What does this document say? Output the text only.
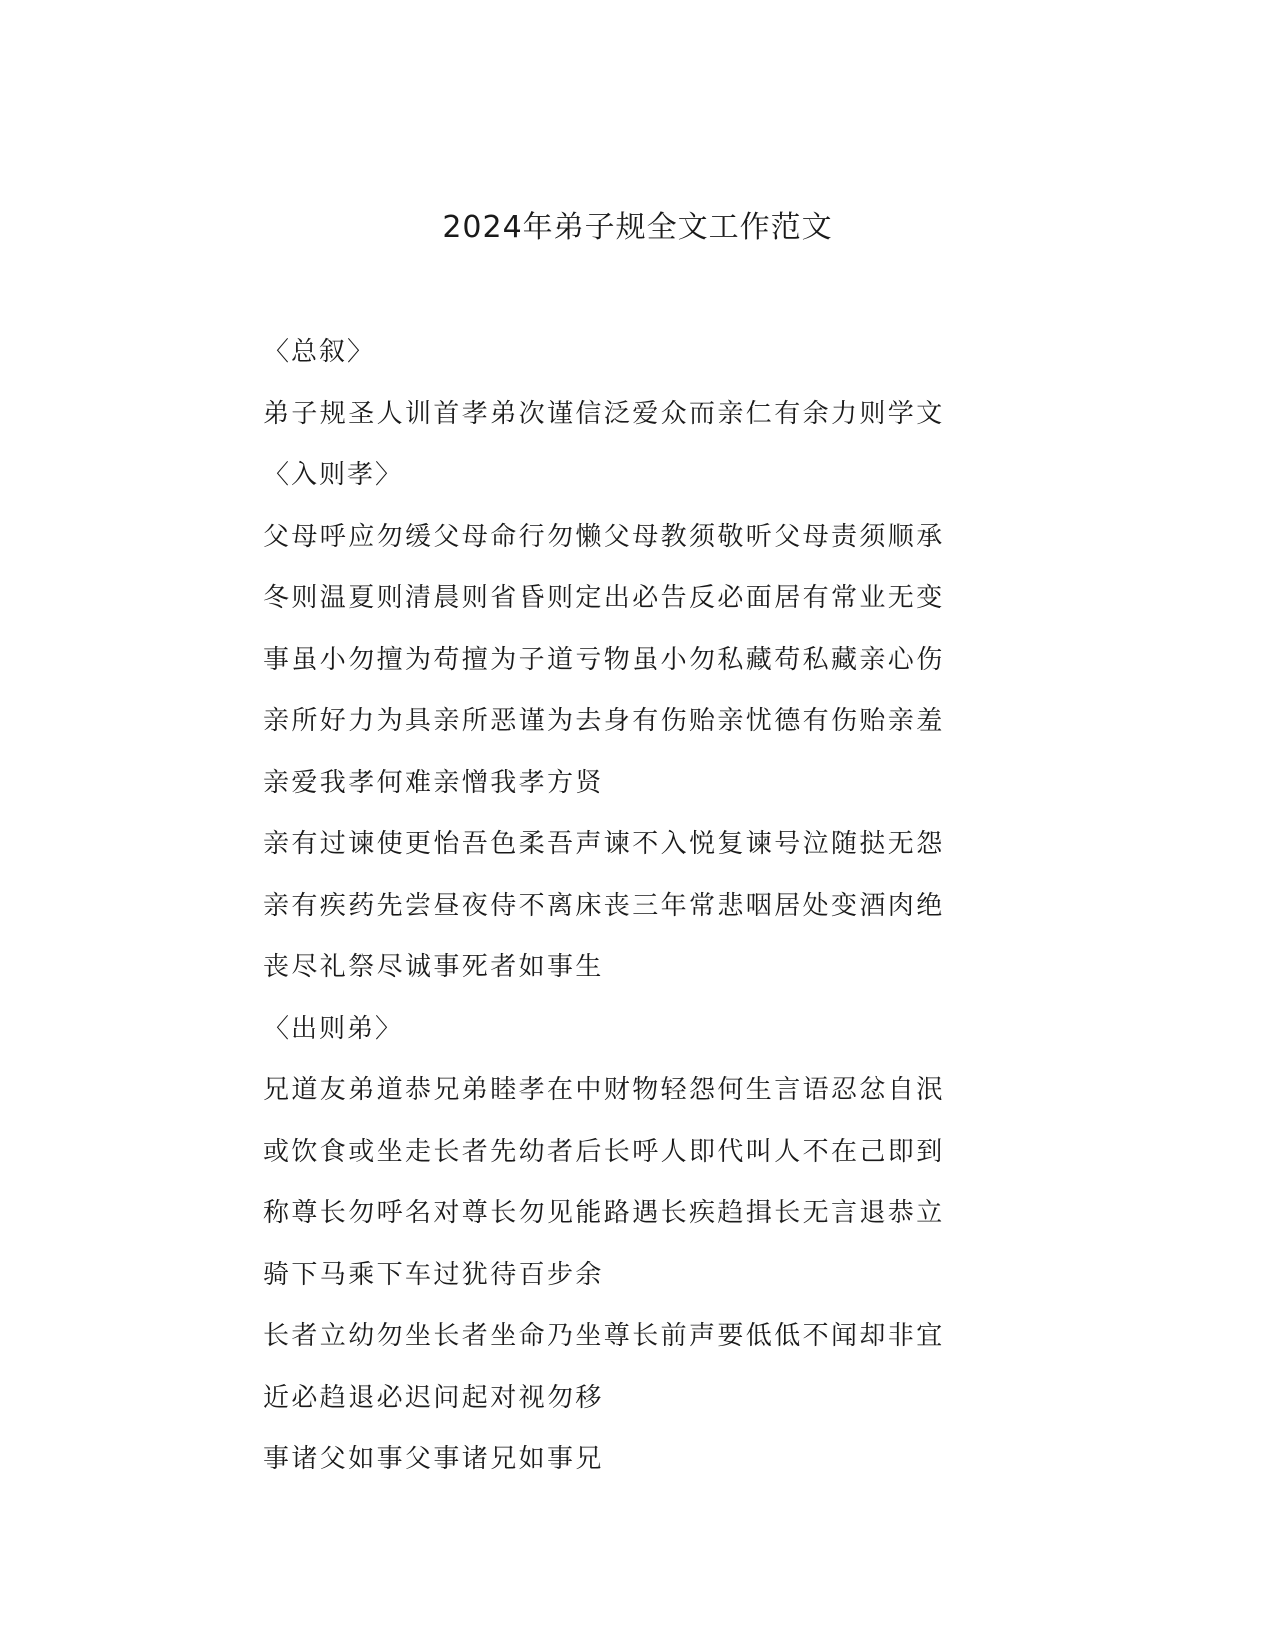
2024年弟子规全文工作范文
〈总叙〉
弟子规圣人训首孝弟次谨信泛爱众而亲仁有余力则学文
〈入则孝〉
父母呼应勿缓父母命行勿懒父母教须敬听父母责须顺承
冬则温夏则清晨则省昏则定出必告反必面居有常业无变
事虽小勿擅为苟擅为子道亏物虽小勿私藏苟私藏亲心伤
亲所好力为具亲所恶谨为去身有伤贻亲忧德有伤贻亲羞
亲爱我孝何难亲憎我孝方贤
亲有过谏使更怡吾色柔吾声谏不入悦复谏号泣随挞无怨
亲有疾药先尝昼夜侍不离床丧三年常悲咽居处变酒肉绝
丧尽礼祭尽诚事死者如事生
〈出则弟〉
兄道友弟道恭兄弟睦孝在中财物轻怨何生言语忍忿自泯
或饮食或坐走长者先幼者后长呼人即代叫人不在己即到
称尊长勿呼名对尊长勿见能路遇长疾趋揖长无言退恭立
骑下马乘下车过犹待百步余
长者立幼勿坐长者坐命乃坐尊长前声要低低不闻却非宜
近必趋退必迟问起对视勿移
事诸父如事父事诸兄如事兄
